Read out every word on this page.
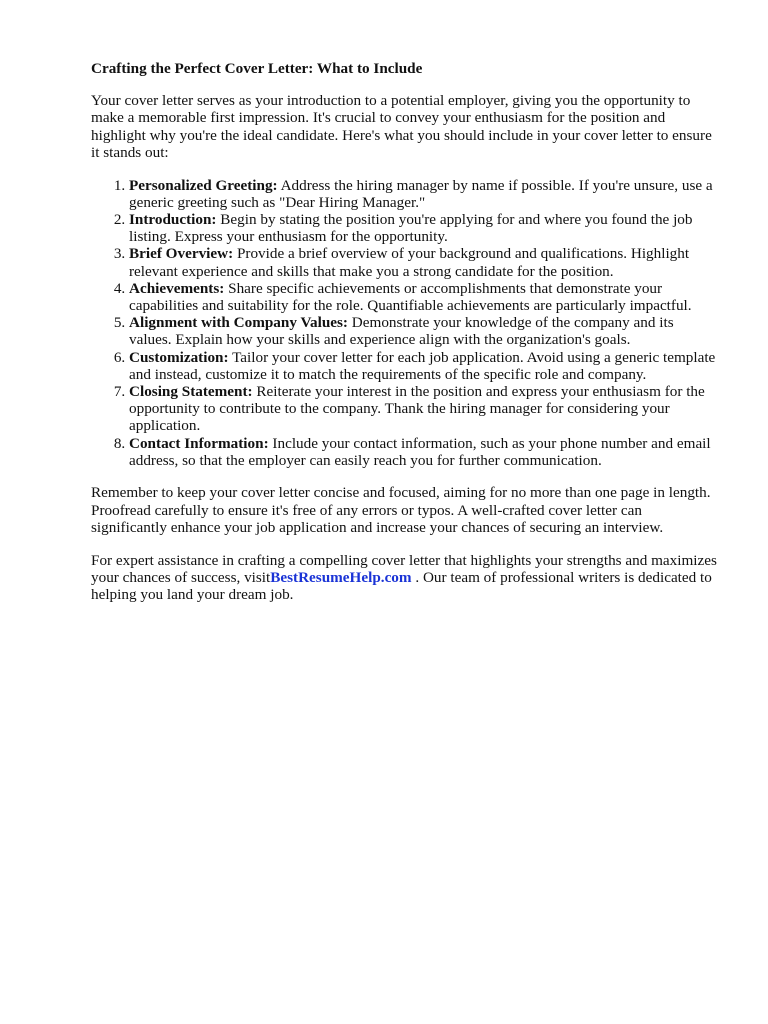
Crafting the Perfect Cover Letter: What to Include

Your cover letter serves as your introduction to a potential employer, giving you the opportunity to make a memorable first impression. It's crucial to convey your enthusiasm for the position and highlight why you're the ideal candidate. Here's what you should include in your cover letter to ensure it stands out:

1. Personalized Greeting: Address the hiring manager by name if possible. If you're unsure, use a generic greeting such as "Dear Hiring Manager."
2. Introduction: Begin by stating the position you're applying for and where you found the job listing. Express your enthusiasm for the opportunity.
3. Brief Overview: Provide a brief overview of your background and qualifications. Highlight relevant experience and skills that make you a strong candidate for the position.
4. Achievements: Share specific achievements or accomplishments that demonstrate your capabilities and suitability for the role. Quantifiable achievements are particularly impactful.
5. Alignment with Company Values: Demonstrate your knowledge of the company and its values. Explain how your skills and experience align with the organization's goals.
6. Customization: Tailor your cover letter for each job application. Avoid using a generic template and instead, customize it to match the requirements of the specific role and company.
7. Closing Statement: Reiterate your interest in the position and express your enthusiasm for the opportunity to contribute to the company. Thank the hiring manager for considering your application.
8. Contact Information: Include your contact information, such as your phone number and email address, so that the employer can easily reach you for further communication.

Remember to keep your cover letter concise and focused, aiming for no more than one page in length. Proofread carefully to ensure it's free of any errors or typos. A well-crafted cover letter can significantly enhance your job application and increase your chances of securing an interview.

For expert assistance in crafting a compelling cover letter that highlights your strengths and maximizes your chances of success, visitBestResumeHelp.com . Our team of professional writers is dedicated to helping you land your dream job.
